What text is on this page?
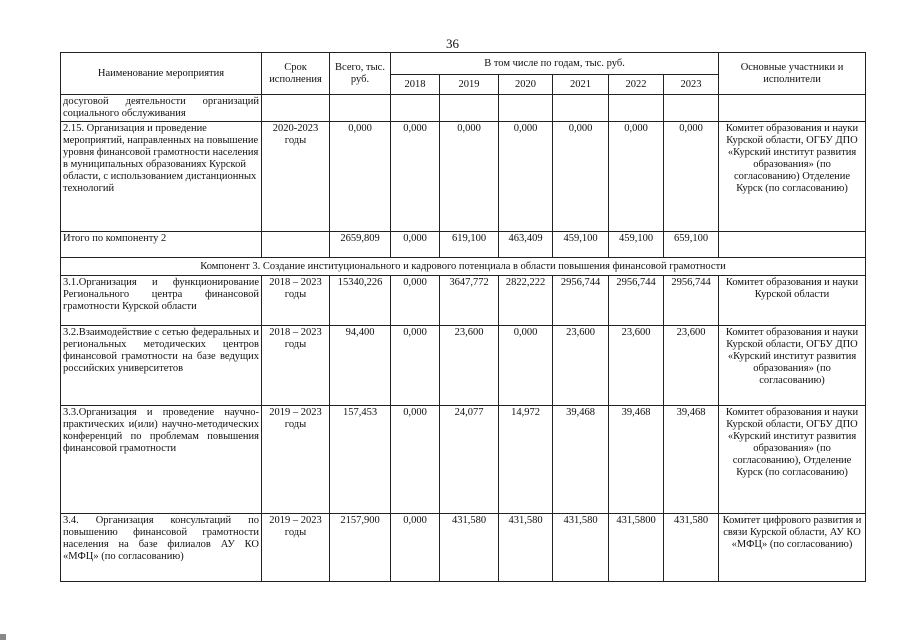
36
Наименование мероприятия	Срок исполнения	Всего, тыс. руб.	В том числе по годам, тыс. руб.						Основные участники и исполнители
			2018	2019	2020	2021	2022	2023	
досуговой деятельности организаций социального обслуживания									
2.15. Организация и проведение мероприятий, направленных на повышение уровня финансовой грамотности населения в муниципальных образованиях Курской области, с использованием дистанционных технологий	2020-2023 годы	0,000	0,000	0,000	0,000	0,000	0,000	0,000	Комитет образования и науки Курской области, ОГБУ ДПО «Курский институт развития образования» (по согласованию) Отделение Курск (по согласованию)
Итого по компоненту 2		2659,809	0,000	619,100	463,409	459,100	459,100	659,100	
Компонент 3. Создание институционального и кадрового потенциала в области повышения финансовой грамотности									
3.1.Организация и функционирование Регионального центра финансовой грамотности Курской области	2018 – 2023 годы	15340,226	0,000	3647,772	2822,222	2956,744	2956,744	2956,744	Комитет образования и науки Курской области
3.2.Взаимодействие с сетью федеральных и региональных методических центров финансовой грамотности на базе ведущих российских университетов	2018 – 2023 годы	94,400	0,000	23,600	0,000	23,600	23,600	23,600	Комитет образования и науки Курской области, ОГБУ ДПО «Курский институт развития образования» (по согласованию)
3.3.Организация и проведение научно-практических и(или) научно-методических конференций по проблемам повышения финансовой грамотности	2019 – 2023 годы	157,453	0,000	24,077	14,972	39,468	39,468	39,468	Комитет образования и науки Курской области, ОГБУ ДПО «Курский институт развития образования» (по согласованию), Отделение Курск (по согласованию)
3.4. Организация консультаций по повышению финансовой грамотности населения на базе филиалов АУ КО «МФЦ» (по согласованию)	2019 – 2023 годы	2157,900	0,000	431,580	431,580	431,580	431,5800	431,580	Комитет цифрового развития и связи Курской области, АУ КО «МФЦ» (по согласованию)
